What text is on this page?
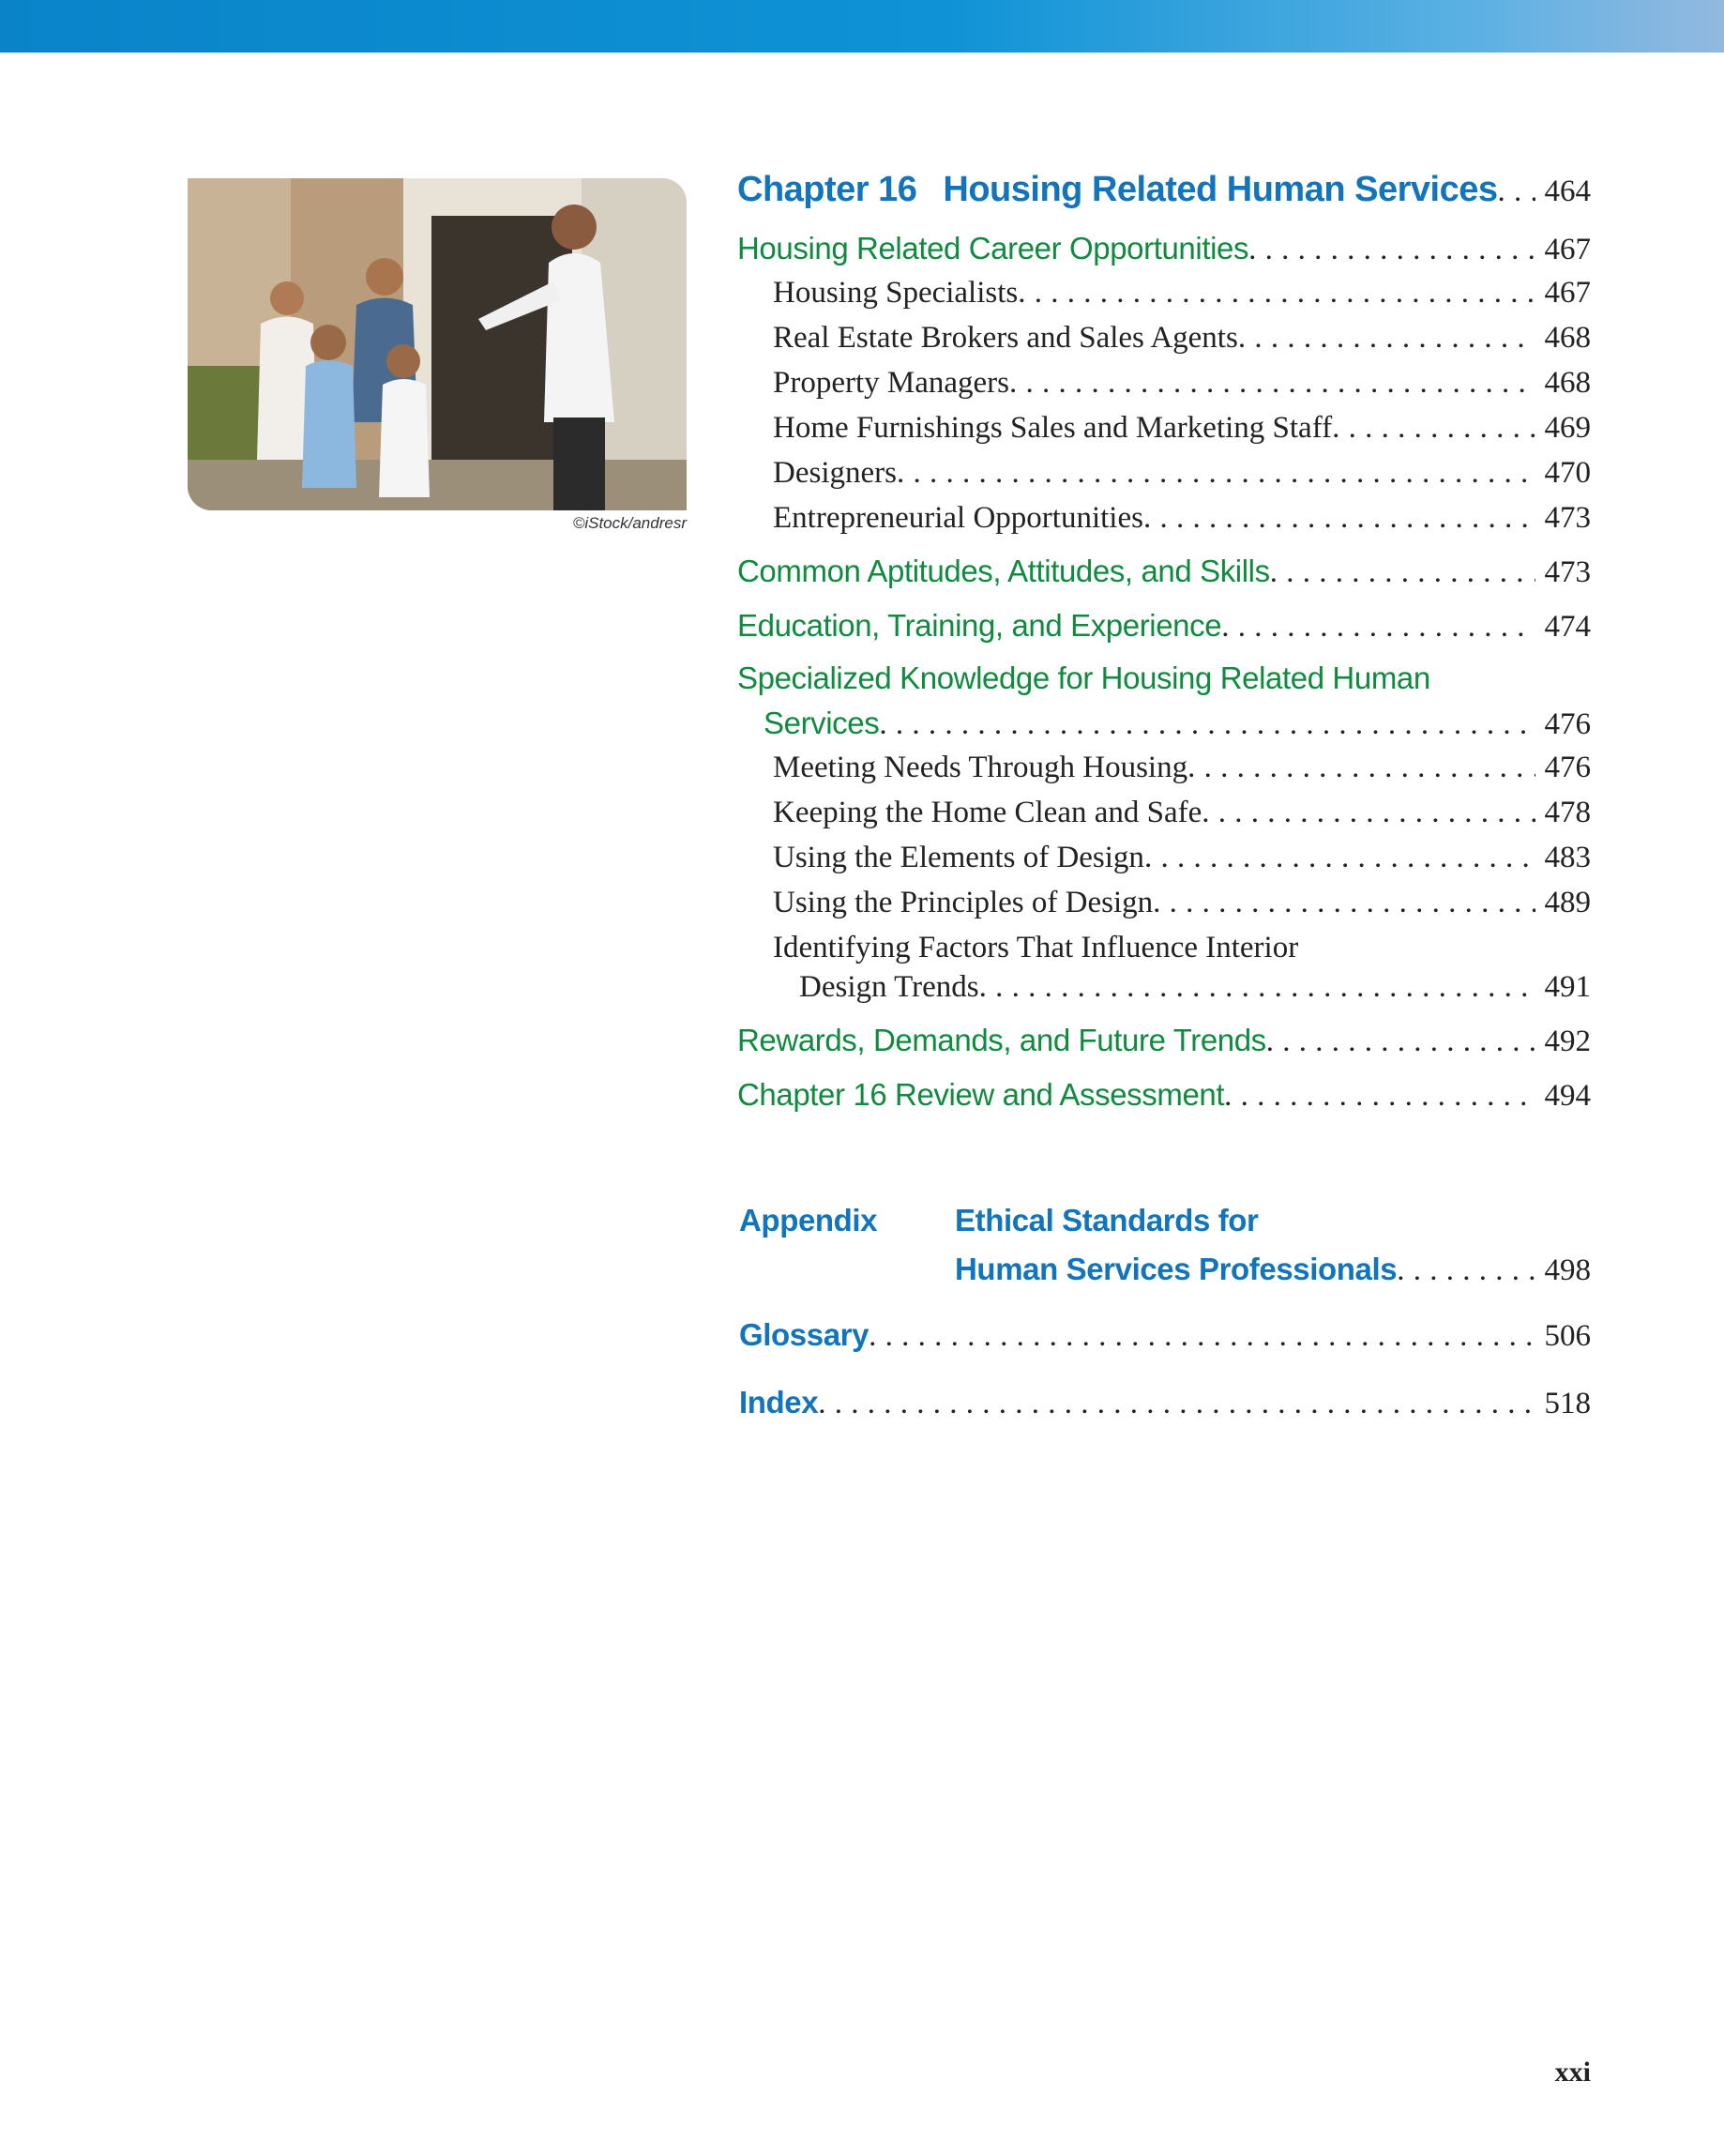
©iStock/andresr
Chapter 16 Housing Related Human Services . . .	464
Housing Related Career Opportunities . . .	467
Housing Specialists . . .	467
Real Estate Brokers and Sales Agents . . .	468
Property Managers . . .	468
Home Furnishings Sales and Marketing Staff . . .	469
Designers . . .	470
Entrepreneurial Opportunities . . .	473
Common Aptitudes, Attitudes, and Skills . . .	473
Education, Training, and Experience . . .	474
Specialized Knowledge for Housing Related Human
Services . . .	476
Meeting Needs Through Housing . . .	476
Keeping the Home Clean and Safe . . .	478
Using the Elements of Design . . .	483
Using the Principles of Design . . .	489
Identifying Factors That Influence Interior
Design Trends . . .	491
Rewards, Demands, and Future Trends . . .	492
Chapter 16 Review and Assessment . . .	494
Appendix	Ethical Standards for
Human Services Professionals . . .	498
Glossary . . .	506
Index . . .	518
xxi
